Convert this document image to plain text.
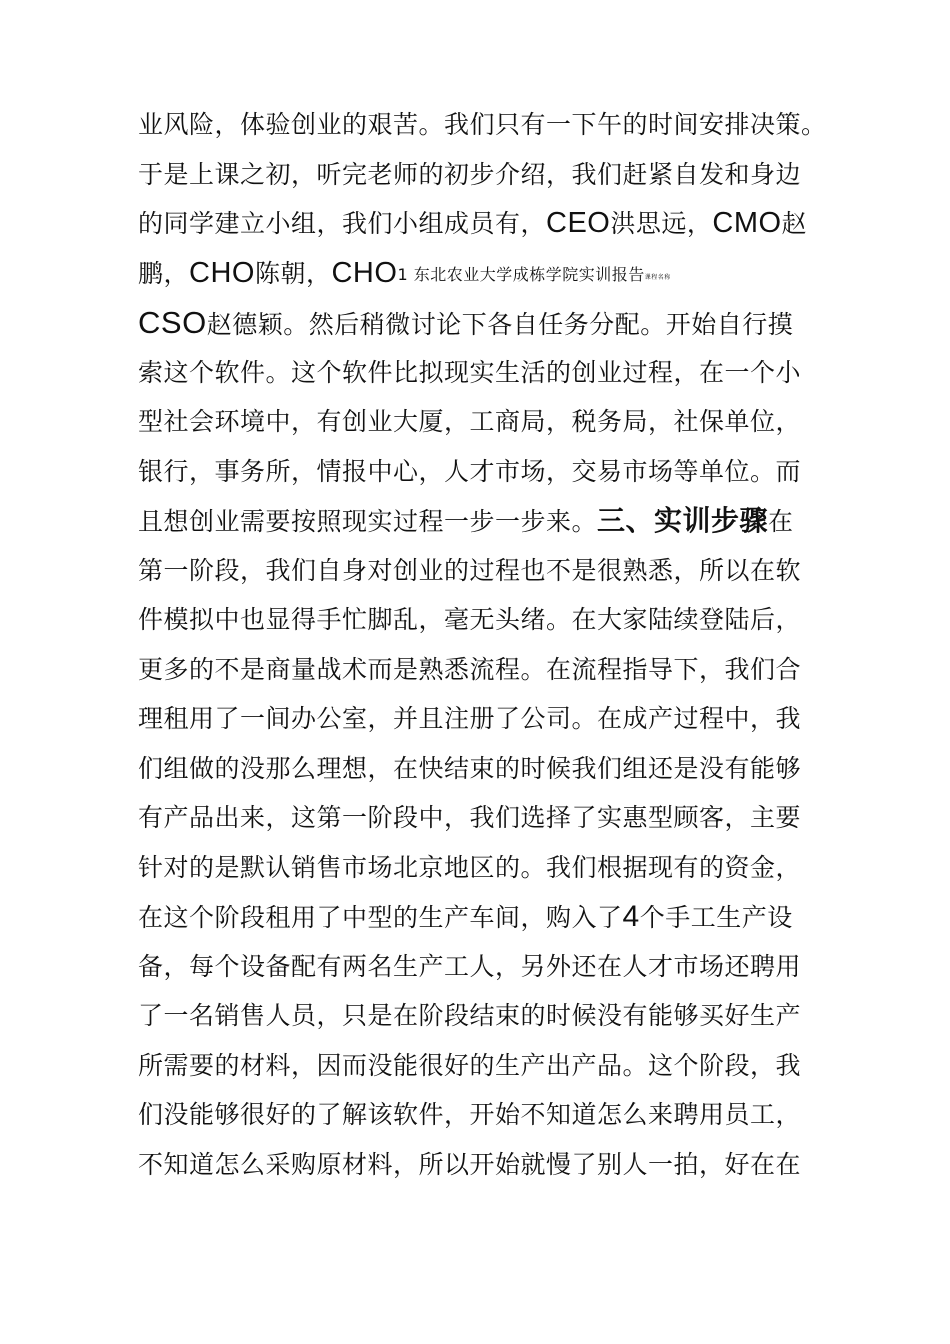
业风险，体验创业的艰苦。我们只有一下午的时间安排决策。
于是上课之初，听完老师的初步介绍，我们赶紧自发和身边
的同学建立小组，我们小组成员有，CEO洪思远，CMO赵
鹏，CHO陈朝，CHO1 东北农业大学成栋学院实训报告课程名称
CSO赵德颖。然后稍微讨论下各自任务分配。开始自行摸
索这个软件。这个软件比拟现实生活的创业过程，在一个小
型社会环境中，有创业大厦，工商局，税务局，社保单位，
银行，事务所，情报中心，人才市场，交易市场等单位。而
且想创业需要按照现实过程一步一步来。三、实训步骤在
第一阶段，我们自身对创业的过程也不是很熟悉，所以在软
件模拟中也显得手忙脚乱，毫无头绪。在大家陆续登陆后，
更多的不是商量战术而是熟悉流程。在流程指导下，我们合
理租用了一间办公室，并且注册了公司。在成产过程中，我
们组做的没那么理想，在快结束的时候我们组还是没有能够
有产品出来，这第一阶段中，我们选择了实惠型顾客，主要
针对的是默认销售市场北京地区的。我们根据现有的资金，
在这个阶段租用了中型的生产车间，购入了4个手工生产设
备，每个设备配有两名生产工人，另外还在人才市场还聘用
了一名销售人员，只是在阶段结束的时候没有能够买好生产
所需要的材料，因而没能很好的生产出产品。这个阶段，我
们没能够很好的了解该软件，开始不知道怎么来聘用员工，
不知道怎么采购原材料，所以开始就慢了别人一拍，好在在
